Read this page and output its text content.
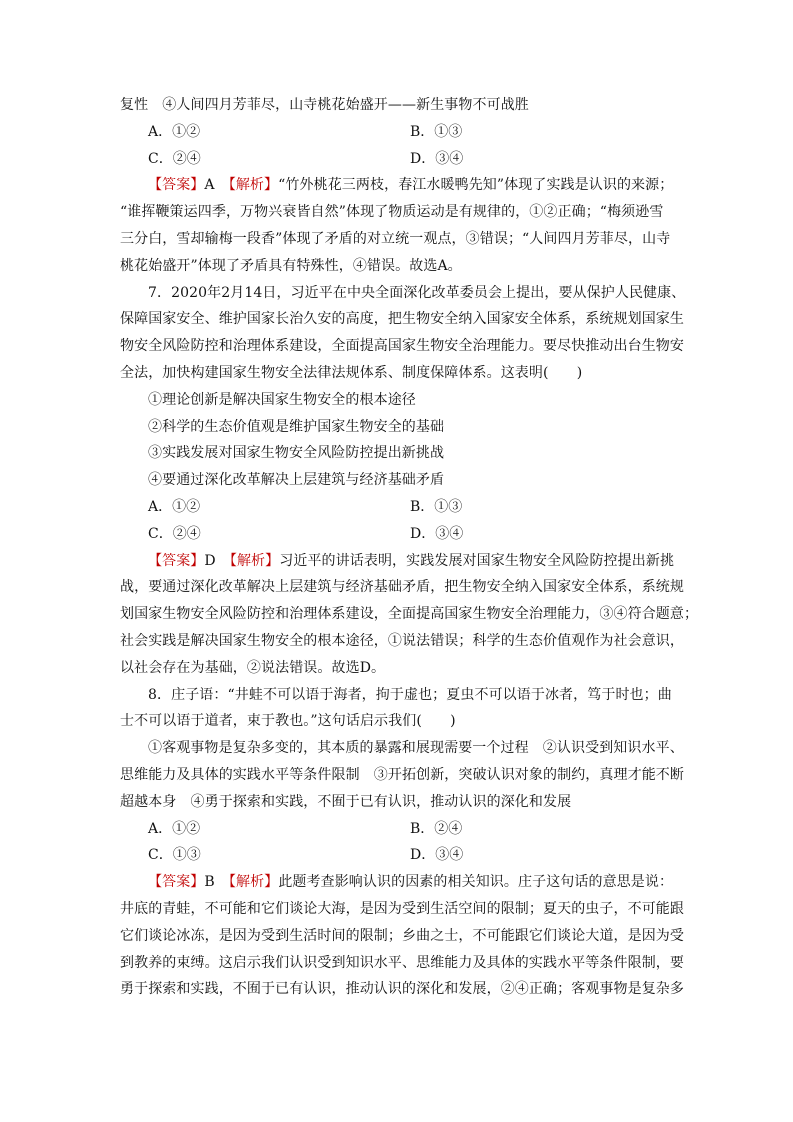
复性　④人间四月芳菲尽，山寺桃花始盛开——新生事物不可战胜
A．①②	B．①③
C．②④	D．③④
【答案】A　 【解析】“竹外桃花三两枝，春江水暖鸭先知”体现了实践是认识的来源；
“谁挥鞭策运四季，万物兴衰皆自然”体现了物质运动是有规律的，①②正确；“梅须逊雪
三分白，雪却输梅一段香”体现了矛盾的对立统一观点，③错误；“人间四月芳菲尽，山寺
桃花始盛开”体现了矛盾具有特殊性，④错误。故选A。
7．2020年2月14日，习近平在中央全面深化改革委员会上提出，要从保护人民健康、
保障国家安全、维护国家长治久安的高度，把生物安全纳入国家安全体系，系统规划国家生
物安全风险防控和治理体系建设，全面提高国家生物安全治理能力。要尽快推动出台生物安
全法，加快构建国家生物安全法律法规体系、制度保障体系。这表明(　　)
①理论创新是解决国家生物安全的根本途径
②科学的生态价值观是维护国家生物安全的基础
③实践发展对国家生物安全风险防控提出新挑战
④要通过深化改革解决上层建筑与经济基础矛盾
A．①②	B．①③
C．②④	D．③④
【答案】D　 【解析】习近平的讲话表明，实践发展对国家生物安全风险防控提出新挑
战，要通过深化改革解决上层建筑与经济基础矛盾，把生物安全纳入国家安全体系，系统规
划国家生物安全风险防控和治理体系建设，全面提高国家生物安全治理能力，③④符合题意；
社会实践是解决国家生物安全的根本途径，①说法错误；科学的生态价值观作为社会意识，
以社会存在为基础，②说法错误。故选D。
8．庄子语：“井蛙不可以语于海者，拘于虚也；夏虫不可以语于冰者，笃于时也；曲
士不可以语于道者，束于教也。”这句话启示我们(　　)
①客观事物是复杂多变的，其本质的暴露和展现需要一个过程　②认识受到知识水平、
思维能力及具体的实践水平等条件限制　③开拓创新，突破认识对象的制约，真理才能不断
超越本身　④勇于探索和实践，不囿于已有认识，推动认识的深化和发展
A．①②	B．②④
C．①③	D．③④
【答案】B　 【解析】此题考查影响认识的因素的相关知识。庄子这句话的意思是说：
井底的青蛙，不可能和它们谈论大海，是因为受到生活空间的限制；夏天的虫子，不可能跟
它们谈论冰冻，是因为受到生活时间的限制；乡曲之士，不可能跟它们谈论大道，是因为受
到教养的束缚。这启示我们认识受到知识水平、思维能力及具体的实践水平等条件限制，要
勇于探索和实践，不囿于已有认识，推动认识的深化和发展，②④正确；客观事物是复杂多
